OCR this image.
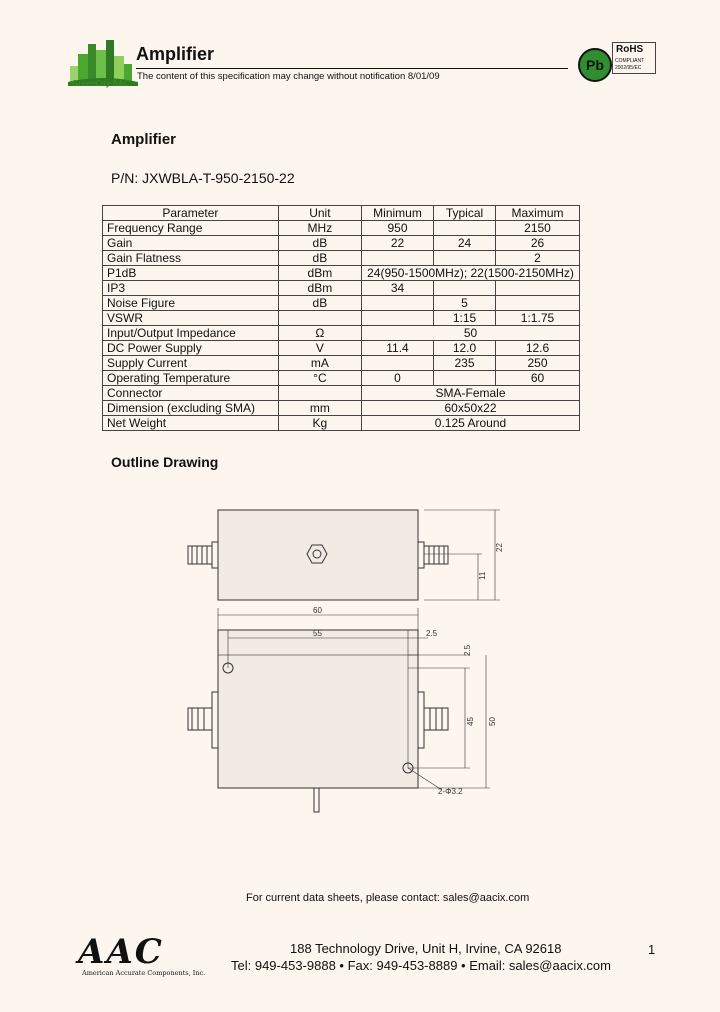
GreenCity AAC
Amplifier
The content of this specification may change without notification 8/01/09
Pb
RoHS
COMPLIANT
2002/95/EC
Amplifier
P/N: JXWBLA-T-950-2150-22
Parameter	Unit	Minimum	Typical	Maximum
Frequency Range	MHz	950		2150
Gain	dB	22	24	26
Gain Flatness	dB			2
P1dB	dBm	24(950-1500MHz); 22(1500-2150MHz)		
IP3	dBm	34		
Noise Figure	dB		5	
VSWR			1:15	1:1.75
Input/Output Impedance	Ω	50		
DC Power Supply	V	11.4	12.0	12.6
Supply Current	mA		235	250
Operating Temperature	°C	0		60
Connector		SMA-Female		
Dimension (excluding SMA)	mm	60x50x22		
Net Weight	Kg	0.125 Around		
Outline Drawing
22
11
60
55	2.5
2.5
50
45
2-Φ3.2
For current data sheets, please contact: sales@aacix.com
AAC
American Accurate Components, Inc.
188 Technology Drive, Unit H, Irvine, CA 92618
Tel: 949-453-9888 • Fax: 949-453-8889 • Email: sales@aacix.com
1
